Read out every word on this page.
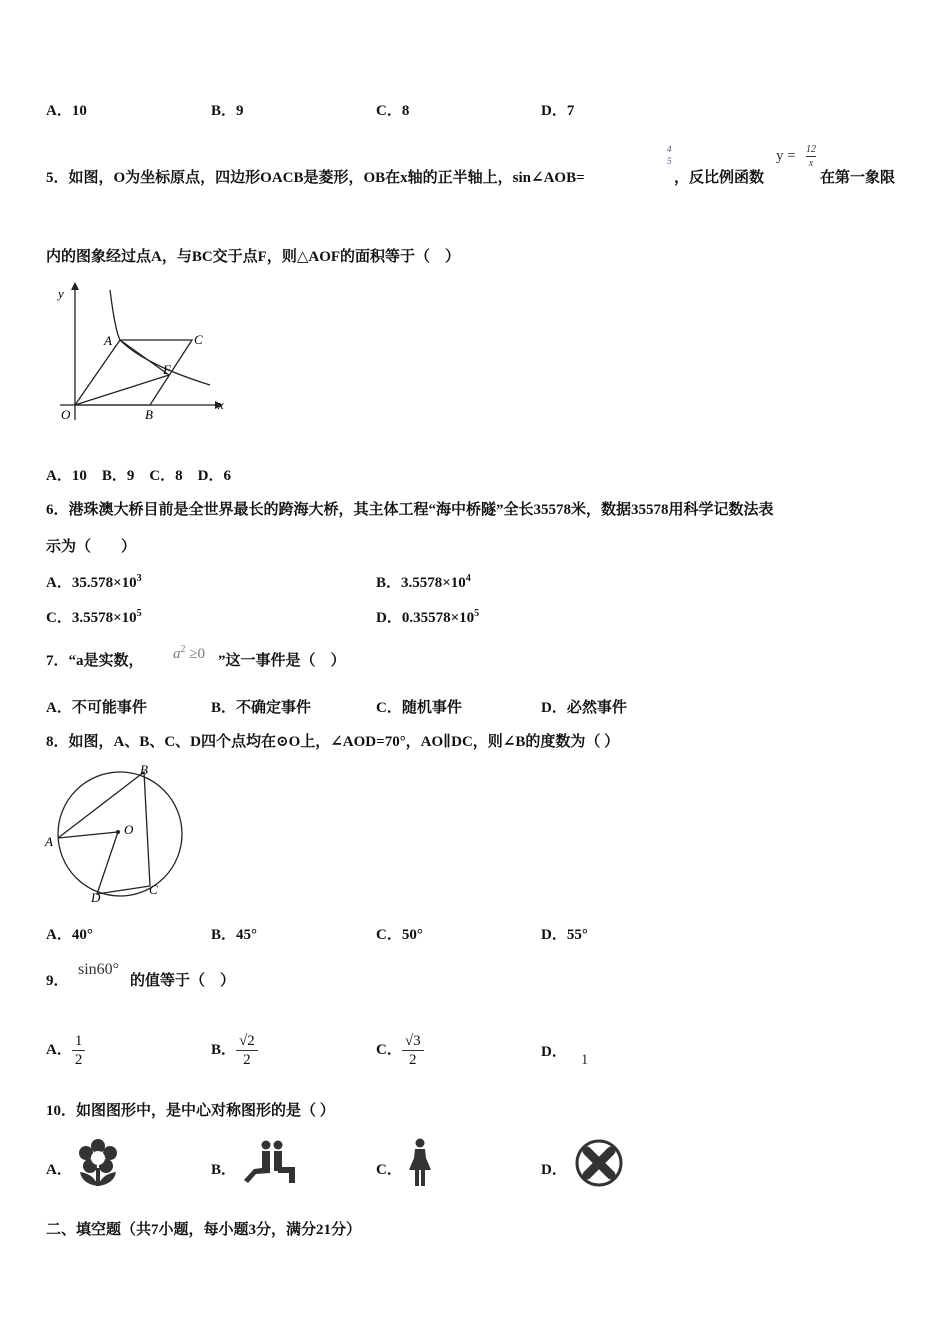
A．10	B．9	C．8	D．7
5．如图，O为坐标原点，四边形OACB是菱形，OB在x轴的正半轴上，sin∠AOB=
4
5
，反比例函数
$y = \frac{12}{x}$
在第一象限
内的图象经过点A，与BC交于点F，则△AOF的面积等于（　）
y
x
O
A	C
B
F
A．10　B．9　C．8　D．6
6．港珠澳大桥目前是全世界最长的跨海大桥，其主体工程“海中桥隧”全长35578米，数据35578用科学记数法表
示为（　　）
A．$35.578\times 10^3$	B．$3.5578\times 10^4$
C．$3.5578\times 10^5$	D．$0.35578\times 10^5$
7．“a是实数， $a^2 \ge 0$ ”这一事件是（　）
A．不可能事件	B．不确定事件	C．随机事件	D．必然事件
8．如图，A、B、C、D四个点均在⊙O上，∠AOD=70°，AO∥DC，则∠B的度数为（ ）
A
B
C
D
O
A．40°	B．45°	C．50°	D．55°
9．
sin60°
的值等于（　）
A． $\frac{1}{2}$	B． $\frac{√2}{2}$	C． $\frac{√3}{2}$	D． 1
10．如图图形中，是中心对称图形的是（ ）
A．	B．	C．	D．
二、填空题（共7小题，每小题3分，满分21分）
